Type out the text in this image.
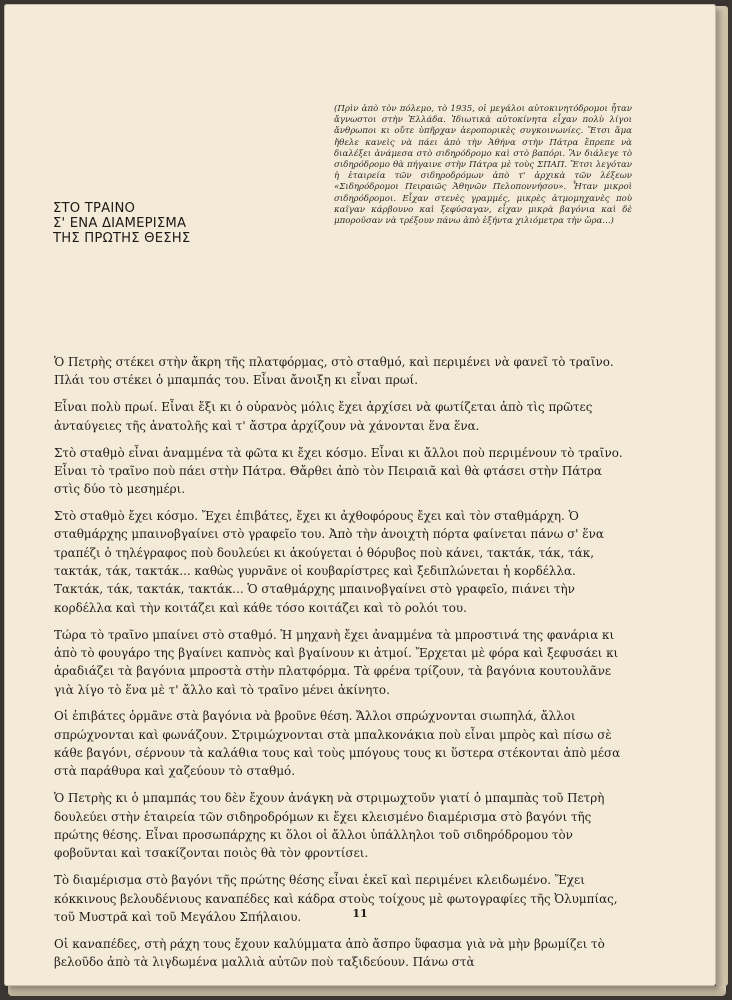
ΣΤΟ ΤΡΑΙΝΟ
Σ' ΕΝΑ ΔΙΑΜΕΡΙΣΜΑ
ΤΗΣ ΠΡΩΤΗΣ ΘΕΣΗΣ
(Πρὶν ἀπὸ τὸν πόλεμο, τὸ 1935, οἱ μεγάλοι αὐτοκινητόδρομοι ἦταν ἄγνωστοι στὴν Ἑλλάδα. Ἰδιωτικὰ αὐτοκίνητα εἶχαν πολὺ λίγοι ἄνθρωποι κι οὔτε ὑπῆρχαν ἀεροπορικὲς συγκοινωνίες. Ἔτσι ἅμα ἤθελε κανεὶς νὰ πάει ἀπὸ τὴν Ἀθήνα στὴν Πάτρα ἔπρεπε νὰ διαλέξει ἀνάμεσα στὸ σιδηρόδρομο καὶ στὸ βαπόρι. Ἂν διάλεγε τὸ σιδηρόδρομο θὰ πήγαινε στὴν Πάτρα μὲ τοὺς ΣΠΑΠ. Ἔτσι λεγόταν ἡ ἑταιρεία τῶν σιδηροδρόμων ἀπὸ τ' ἀρχικὰ τῶν λέξεων «Σιδηρόδρομοι Πειραιῶς Ἀθηνῶν Πελοποννήσου». Ἦταν μικροὶ σιδηρόδρομοι. Εἶχαν στενὲς γραμμές, μικρὲς ἀτμομηχανὲς ποὺ καῖγαν κάρβουνο καὶ ξεφύσαγαν, εἶχαν μικρὰ βαγόνια καὶ δὲ μποροῦσαν νὰ τρέξουν πάνω ἀπὸ ἑξήντα χιλιόμετρα τὴν ὥρα...)

Ὁ Πετρὴς στέκει στὴν ἄκρη τῆς πλατφόρμας, στὸ σταθμό, καὶ περιμένει νὰ φανεῖ τὸ τραῖνο. Πλάι του στέκει ὁ μπαμπάς του. Εἶναι ἄνοιξη κι εἶναι πρωί.

Εἶναι πολὺ πρωί. Εἶναι ἔξι κι ὁ οὐρανὸς μόλις ἔχει ἀρχίσει νὰ φωτίζεται ἀπὸ τὶς πρῶτες ἀνταύγειες τῆς ἀνατολῆς καὶ τ' ἄστρα ἀρχίζουν νὰ χάνονται ἕνα ἕνα.

Στὸ σταθμὸ εἶναι ἀναμμένα τὰ φῶτα κι ἔχει κόσμο. Εἶναι κι ἄλλοι ποὺ περιμένουν τὸ τραῖνο. Εἶναι τὸ τραῖνο ποὺ πάει στὴν Πάτρα. Θἄρθει ἀπὸ τὸν Πειραιᾶ καὶ θὰ φτάσει στὴν Πάτρα στὶς δύο τὸ μεσημέρι.

Στὸ σταθμὸ ἔχει κόσμο. Ἔχει ἐπιβάτες, ἔχει κι ἀχθοφόρους ἔχει καὶ τὸν σταθμάρχη. Ὁ σταθμάρχης μπαινοβγαίνει στὸ γραφεῖο του. Ἀπὸ τὴν ἀνοιχτὴ πόρτα φαίνεται πάνω σ' ἕνα τραπέζι ὁ τηλέγραφος ποὺ δουλεύει κι ἀκούγεται ὁ θόρυβος ποὺ κάνει, τακτάκ, τάκ, τάκ, τακτάκ, τάκ, τακτάκ... καθὼς γυρνᾶνε οἱ κουβαρίστρες καὶ ξεδιπλώνεται ἡ κορδέλλα. Τακτάκ, τάκ, τακτάκ, τακτάκ... Ὁ σταθμάρχης μπαινοβγαίνει στὸ γραφεῖο, πιάνει τὴν κορδέλλα καὶ τὴν κοιτάζει καὶ κάθε τόσο κοιτάζει καὶ τὸ ρολόι του.

Τώρα τὸ τραῖνο μπαίνει στὸ σταθμό. Ἡ μηχανὴ ἔχει ἀναμμένα τὰ μπροστινά της φανάρια κι ἀπὸ τὸ φουγάρο της βγαίνει καπνὸς καὶ βγαίνουν κι ἀτμοί. Ἔρχεται μὲ φόρα καὶ ξεφυσάει κι ἀραδιάζει τὰ βαγόνια μπροστὰ στὴν πλατφόρμα. Τὰ φρένα τρίζουν, τὰ βαγόνια κουτουλᾶνε γιὰ λίγο τὸ ἕνα μὲ τ' ἄλλο καὶ τὸ τραῖνο μένει ἀκίνητο.

Οἱ ἐπιβάτες ὁρμᾶνε στὰ βαγόνια νὰ βροῦνε θέση. Ἄλλοι σπρώχνονται σιωπηλά, ἄλλοι σπρώχνονται καὶ φωνάζουν. Στριμώχνονται στὰ μπαλκονάκια ποὺ εἶναι μπρὸς καὶ πίσω σὲ κάθε βαγόνι, σέρνουν τὰ καλάθια τους καὶ τοὺς μπόγους τους κι ὕστερα στέκονται ἀπὸ μέσα στὰ παράθυρα καὶ χαζεύουν τὸ σταθμό.

Ὁ Πετρὴς κι ὁ μπαμπάς του δὲν ἔχουν ἀνάγκη νὰ στριμωχτοῦν γιατί ὁ μπαμπὰς τοῦ Πετρὴ δουλεύει στὴν ἑταιρεία τῶν σιδηροδρόμων κι ἔχει κλεισμένο διαμέρισμα στὸ βαγόνι τῆς πρώτης θέσης. Εἶναι προσωπάρχης κι ὅλοι οἱ ἄλλοι ὑπάλληλοι τοῦ σιδηρόδρομου τὸν φοβοῦνται καὶ τσακίζονται ποιὸς θὰ τὸν φροντίσει.

Τὸ διαμέρισμα στὸ βαγόνι τῆς πρώτης θέσης εἶναι ἐκεῖ καὶ περιμένει κλειδωμένο. Ἔχει κόκκινους βελουδένιους καναπέδες καὶ κάδρα στοὺς τοίχους μὲ φωτογραφίες τῆς Ὀλυμπίας, τοῦ Μυστρᾶ καὶ τοῦ Μεγάλου Σπήλαιου.

Οἱ καναπέδες, στὴ ράχη τους ἔχουν καλύμματα ἀπὸ ἄσπρο ὕφασμα γιὰ νὰ μὴν βρωμίζει τὸ βελοῦδο ἀπὸ τὰ λιγδωμένα μαλλιὰ αὐτῶν ποὺ ταξιδεύουν. Πάνω στὰ

11
